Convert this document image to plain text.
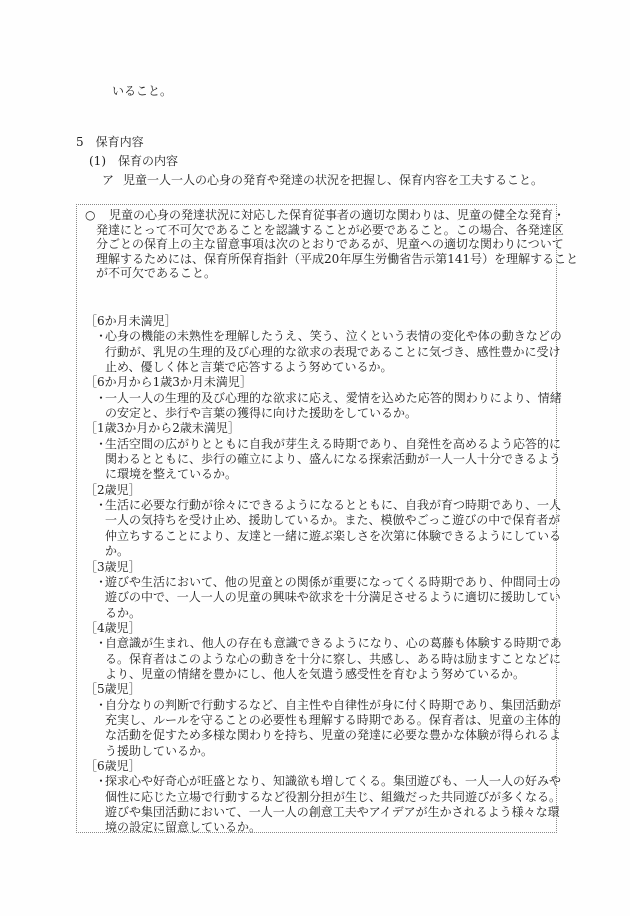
いること。
5 保育内容
(1) 保育の内容
ア 児童一人一人の心身の発育や発達の状況を把握し、保育内容を工夫すること。
○ 児童の心身の発達状況に対応した保育従事者の適切な関わりは、児童の健全な発育・
発達にとって不可欠であることを認識することが必要であること。この場合、各発達区
分ごとの保育上の主な留意事項は次のとおりであるが、児童への適切な関わりについて
理解するためには、保育所保育指針（平成20年厚生労働省告示第141号）を理解すること
が不可欠であること。
［6か月未満児］
・心身の機能の未熟性を理解したうえ、笑う、泣くという表情の変化や体の動きなどの
行動が、乳児の生理的及び心理的な欲求の表現であることに気づき、感性豊かに受け
止め、優しく体と言葉で応答するよう努めているか。
［6か月から1歳3か月未満児］
・一人一人の生理的及び心理的な欲求に応え、愛情を込めた応答的関わりにより、情緒
の安定と、歩行や言葉の獲得に向けた援助をしているか。
［1歳3か月から2歳未満児］
・生活空間の広がりとともに自我が芽生える時期であり、自発性を高めるよう応答的に
関わるとともに、歩行の確立により、盛んになる探索活動が一人一人十分できるよう
に環境を整えているか。
［2歳児］
・生活に必要な行動が徐々にできるようになるとともに、自我が育つ時期であり、一人
一人の気持ちを受け止め、援助しているか。また、模倣やごっこ遊びの中で保育者が
仲立ちすることにより、友達と一緒に遊ぶ楽しさを次第に体験できるようにしている
か。
［3歳児］
・遊びや生活において、他の児童との関係が重要になってくる時期であり、仲間同士の
遊びの中で、一人一人の児童の興味や欲求を十分満足させるように適切に援助してい
るか。
［4歳児］
・自意識が生まれ、他人の存在も意識できるようになり、心の葛藤も体験する時期であ
る。保育者はこのような心の動きを十分に察し、共感し、ある時は励ますことなどに
より、児童の情緒を豊かにし、他人を気遣う感受性を育むよう努めているか。
［5歳児］
・自分なりの判断で行動するなど、自主性や自律性が身に付く時期であり、集団活動が
充実し、ルールを守ることの必要性も理解する時期である。保育者は、児童の主体的
な活動を促すため多様な関わりを持ち、児童の発達に必要な豊かな体験が得られるよ
う援助しているか。
［6歳児］
・探求心や好奇心が旺盛となり、知識欲も増してくる。集団遊びも、一人一人の好みや
個性に応じた立場で行動するなど役割分担が生じ、組織だった共同遊びが多くなる。
遊びや集団活動において、一人一人の創意工夫やアイデアが生かされるよう様々な環
境の設定に留意しているか。
